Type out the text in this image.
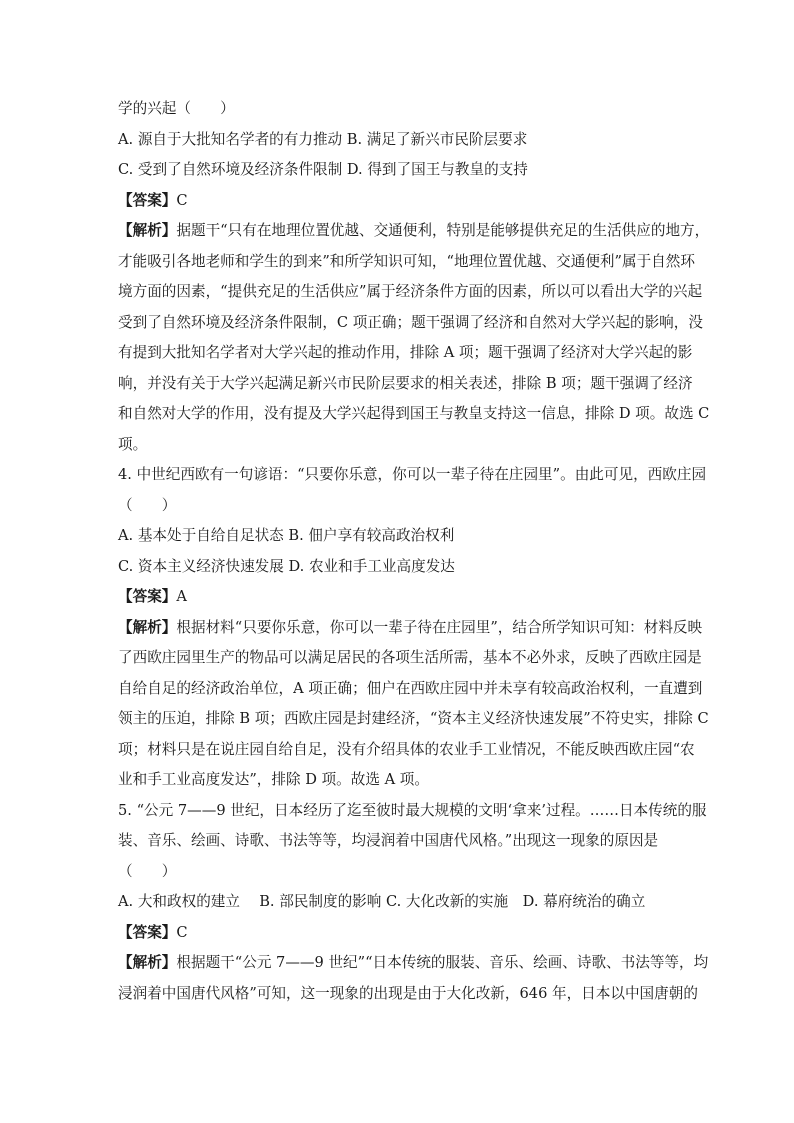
学的兴起（　　）
A. 源自于大批知名学者的有力推动 B. 满足了新兴市民阶层要求
C. 受到了自然环境及经济条件限制 D. 得到了国王与教皇的支持
【答案】C
【解析】据题干“只有在地理位置优越、交通便利，特别是能够提供充足的生活供应的地方，
才能吸引各地老师和学生的到来”和所学知识可知，“地理位置优越、交通便利”属于自然环
境方面的因素，“提供充足的生活供应”属于经济条件方面的因素，所以可以看出大学的兴起
受到了自然环境及经济条件限制，C 项正确；题干强调了经济和自然对大学兴起的影响，没
有提到大批知名学者对大学兴起的推动作用，排除 A 项；题干强调了经济对大学兴起的影
响，并没有关于大学兴起满足新兴市民阶层要求的相关表述，排除 B 项；题干强调了经济
和自然对大学的作用，没有提及大学兴起得到国王与教皇支持这一信息，排除 D 项。故选 C
项。
4. 中世纪西欧有一句谚语：“只要你乐意，你可以一辈子待在庄园里”。由此可见，西欧庄园
（　　）
A. 基本处于自给自足状态 B. 佃户享有较高政治权利
C. 资本主义经济快速发展 D. 农业和手工业高度发达
【答案】A
【解析】根据材料“只要你乐意，你可以一辈子待在庄园里”，结合所学知识可知：材料反映
了西欧庄园里生产的物品可以满足居民的各项生活所需，基本不必外求，反映了西欧庄园是
自给自足的经济政治单位，A 项正确；佃户在西欧庄园中并未享有较高政治权利，一直遭到
领主的压迫，排除 B 项；西欧庄园是封建经济，“资本主义经济快速发展”不符史实，排除 C
项；材料只是在说庄园自给自足，没有介绍具体的农业手工业情况，不能反映西欧庄园“农
业和手工业高度发达”，排除 D 项。故选 A 项。
5. “公元 7——9 世纪，日本经历了迄至彼时最大规模的文明‘拿来’过程。……日本传统的服
装、音乐、绘画、诗歌、书法等等，均浸润着中国唐代风格。”出现这一现象的原因是
（　　）
A. 大和政权的建立　 B. 部民制度的影响 C. 大化改新的实施　D. 幕府统治的确立
【答案】C
【解析】根据题干“公元 7——9 世纪”“日本传统的服装、音乐、绘画、诗歌、书法等等，均
浸润着中国唐代风格”可知，这一现象的出现是由于大化改新，646 年，日本以中国唐朝的
